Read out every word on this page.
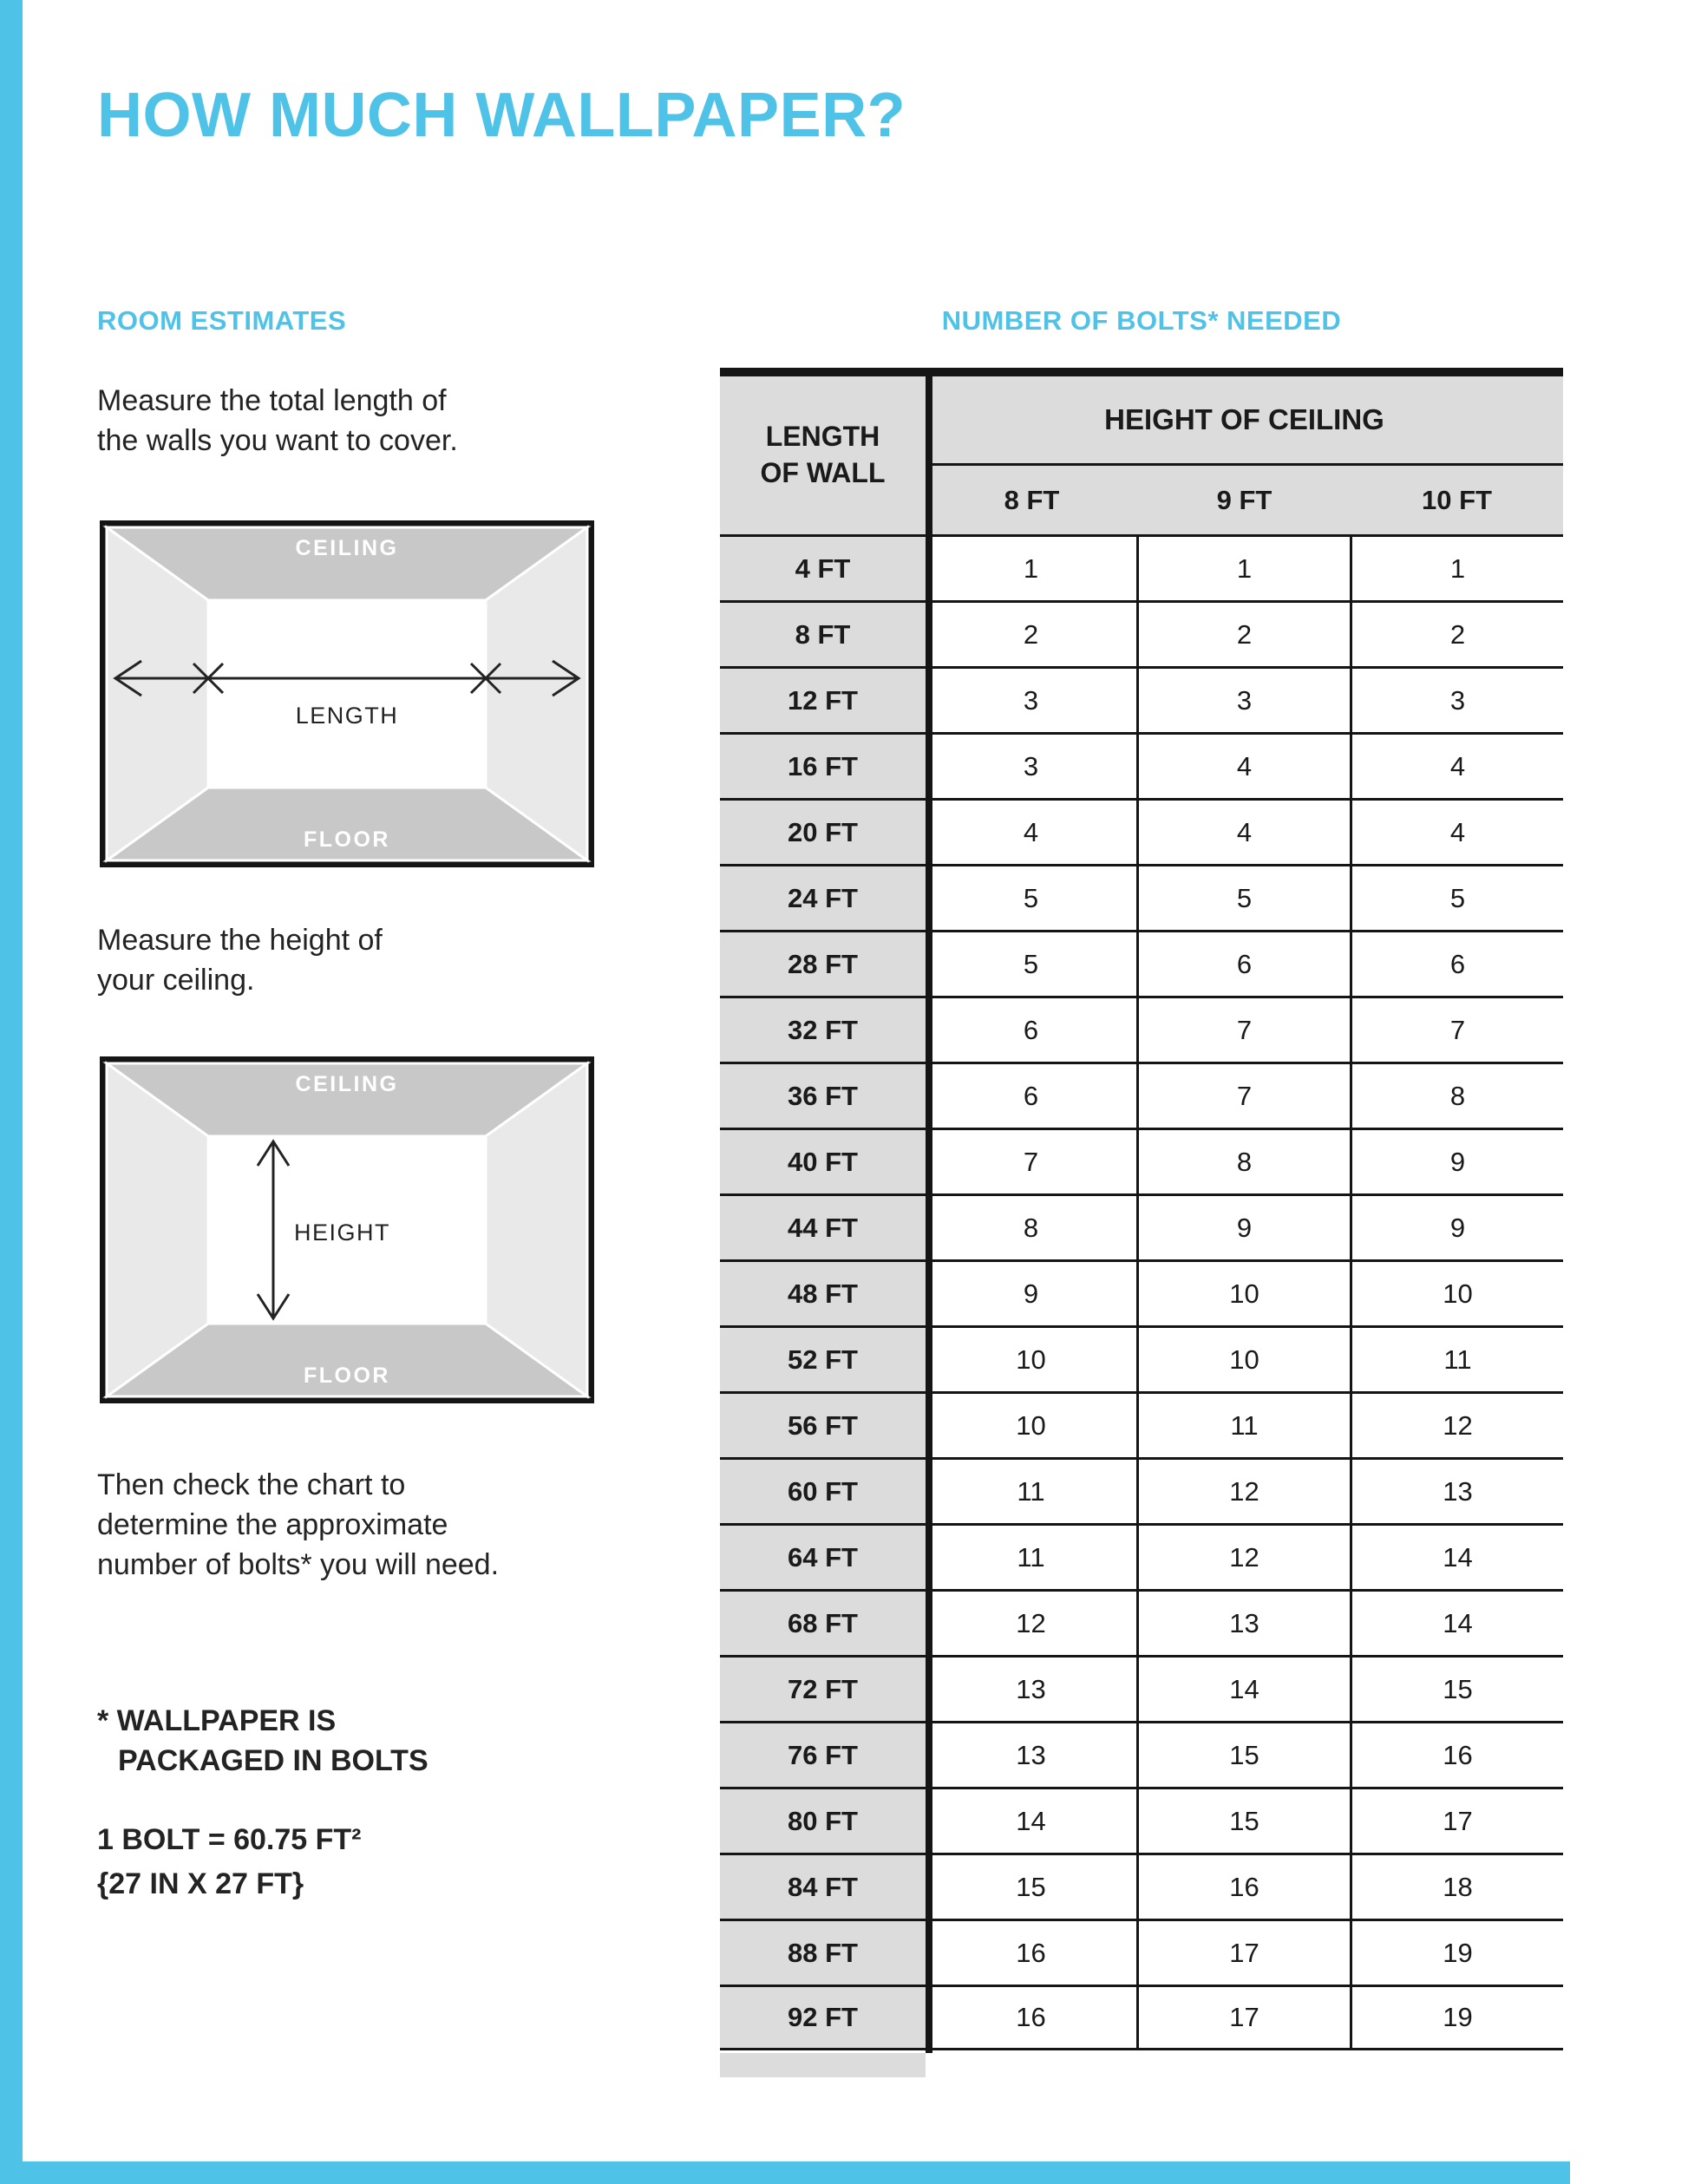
HOW MUCH WALLPAPER?
ROOM ESTIMATES	NUMBER OF BOLTS* NEEDED

Measure the total length of the walls you want to cover.

CEILING
FLOOR
LENGTH

Measure the height of your ceiling.

CEILING
FLOOR
HEIGHT

Then check the chart to determine the approximate number of bolts* you will need.

* WALLPAPER IS
PACKAGED IN BOLTS
1 BOLT = 60.75 FT²
{27 IN X 27 FT}
LENGTH
OF WALL
HEIGHT OF CEILING
8 FT	9 FT	10 FT
4 FT	1	1	1
8 FT	2	2	2
12 FT	3	3	3
16 FT	3	4	4
20 FT	4	4	4
24 FT	5	5	5
28 FT	5	6	6
32 FT	6	7	7
36 FT	6	7	8
40 FT	7	8	9
44 FT	8	9	9
48 FT	9	10	10
52 FT	10	10	11
56 FT	10	11	12
60 FT	11	12	13
64 FT	11	12	14
68 FT	12	13	14
72 FT	13	14	15
76 FT	13	15	16
80 FT	14	15	17
84 FT	15	16	18
88 FT	16	17	19
92 FT	16	17	19
